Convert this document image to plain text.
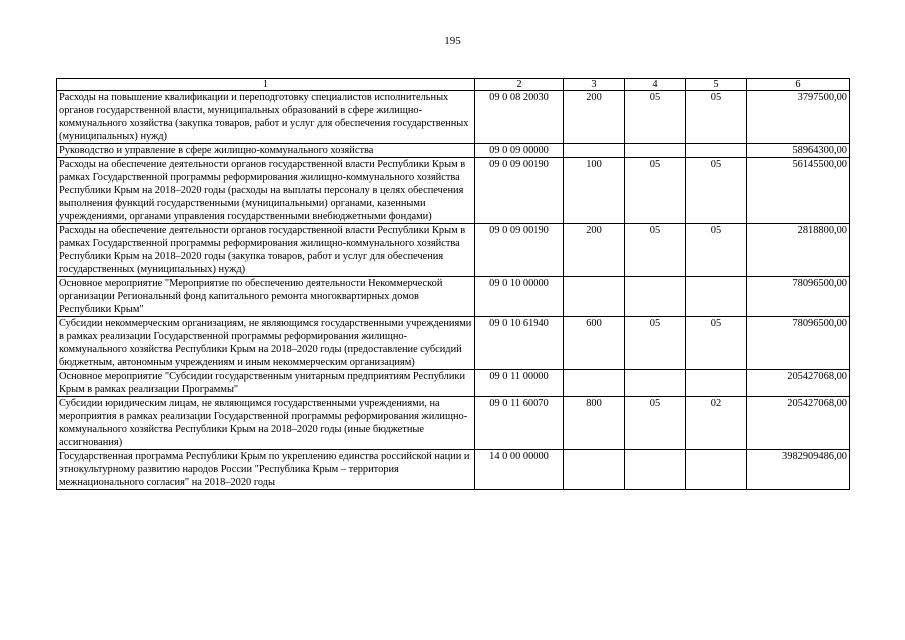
195
1	2	3	4	5	6
Расходы на повышение квалификации и переподготовку специалистов исполнительных органов государственной власти, муниципальных образований в сфере жилищно-коммунального хозяйства (закупка товаров, работ и услуг для обеспечения государственных (муниципальных) нужд)	09 0 08 20030	200	05	05	3797500,00
Руководство и управление в сфере жилищно-коммунального хозяйства	09 0 09 00000				58964300,00
Расходы на обеспечение деятельности органов государственной власти Республики Крым в рамках Государственной программы реформирования жилищно-коммунального хозяйства Республики Крым на 2018–2020 годы (расходы на выплаты персоналу в целях обеспечения выполнения функций государственными (муниципальными) органами, казенными учреждениями, органами управления государственными внебюджетными фондами)	09 0 09 00190	100	05	05	56145500,00
Расходы на обеспечение деятельности органов государственной власти Республики Крым в рамках Государственной программы реформирования жилищно-коммунального хозяйства Республики Крым на 2018–2020 годы (закупка товаров, работ и услуг для обеспечения государственных (муниципальных) нужд)	09 0 09 00190	200	05	05	2818800,00
Основное мероприятие "Мероприятие по обеспечению деятельности Некоммерческой организации Региональный фонд капитального ремонта многоквартирных домов Республики Крым"	09 0 10 00000				78096500,00
Субсидии некоммерческим организациям, не являющимся государственными учреждениями в рамках реализации Государственной программы реформирования жилищно-коммунального хозяйства Республики Крым на 2018–2020 годы (предоставление субсидий бюджетным, автономным учреждениям и иным некоммерческим организациям)	09 0 10 61940	600	05	05	78096500,00
Основное мероприятие "Субсидии государственным унитарным предприятиям Республики Крым в рамках реализации Программы"	09 0 11 00000				205427068,00
Субсидии юридическим лицам, не являющимся государственными учреждениями, на мероприятия в рамках реализации Государственной программы реформирования жилищно-коммунального хозяйства Республики Крым на 2018–2020 годы (иные бюджетные ассигнования)	09 0 11 60070	800	05	02	205427068,00
Государственная программа Республики Крым по укреплению единства российской нации и этнокультурному развитию народов России "Республика Крым – территория межнационального согласия" на 2018–2020 годы	14 0 00 00000				3982909486,00
